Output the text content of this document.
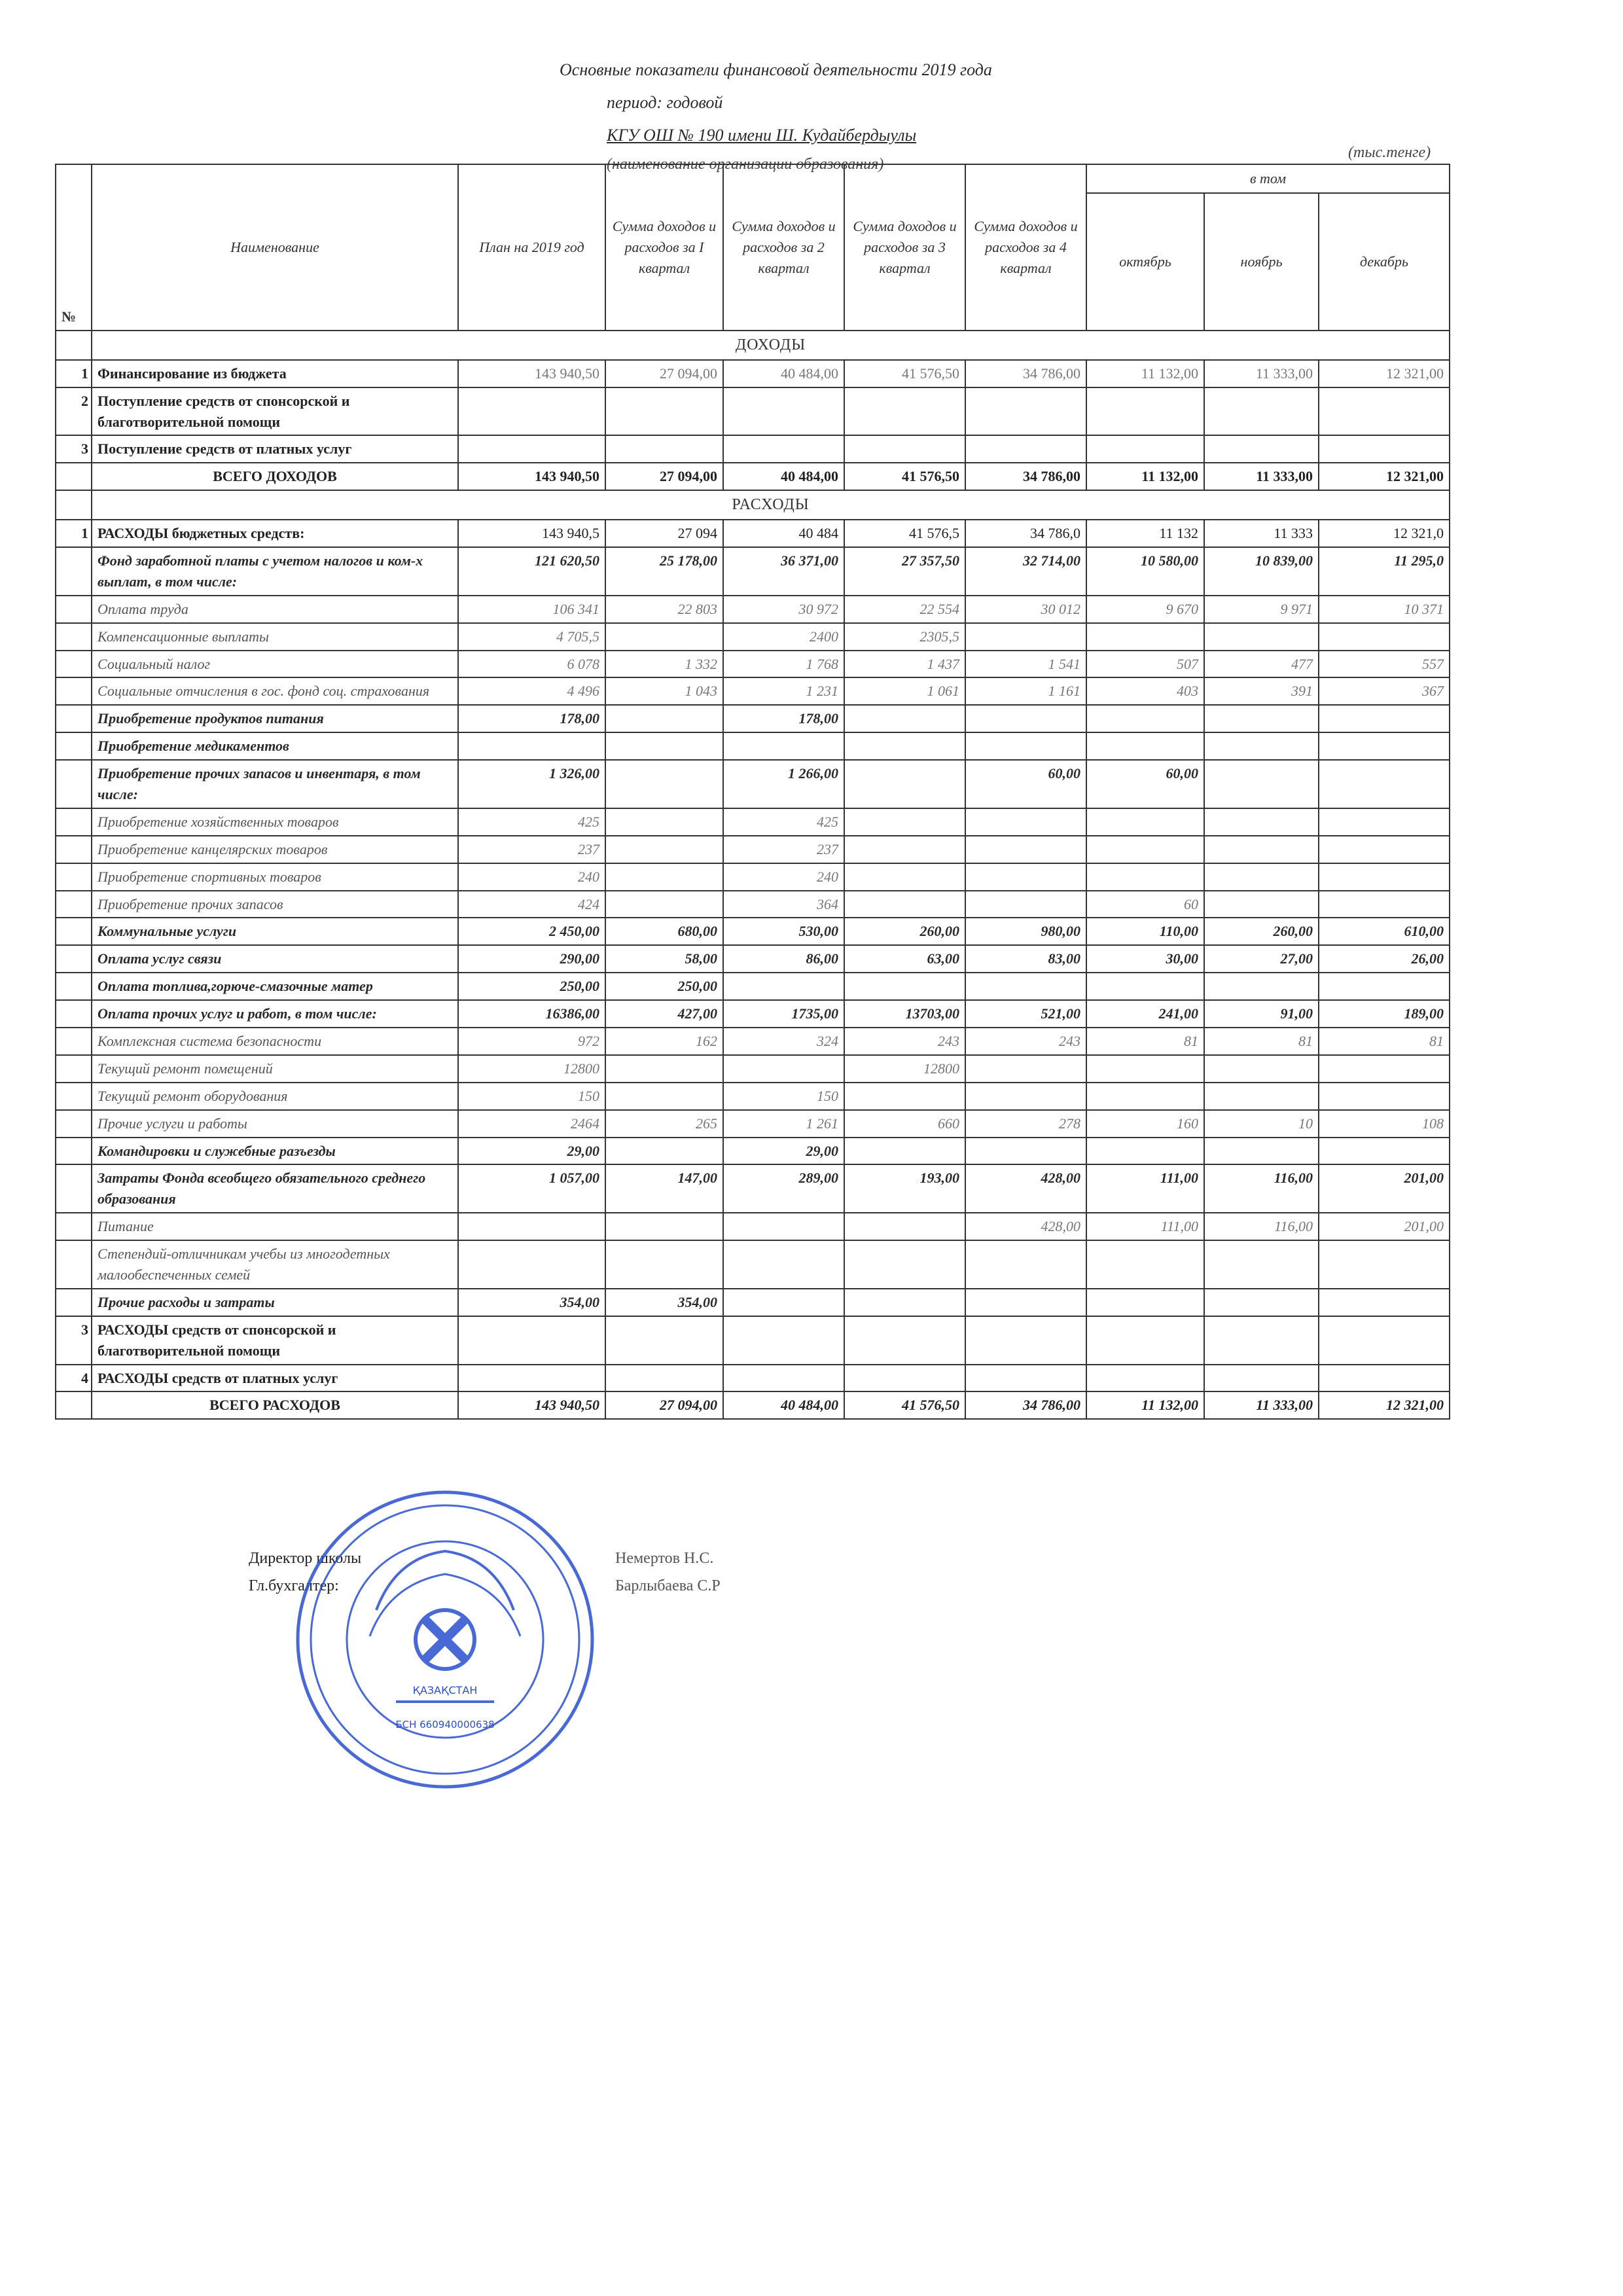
Основные показатели финансовой деятельности 2019 года
период: годовой
КГУ ОШ № 190 имени Ш. Кудайбердыулы
(наименование организации образования)
(тыс.тенге)
№	Наименование	План на 2019 год	Сумма доходов и расходов за I квартал	Сумма доходов и расходов за 2 квартал	Сумма доходов и расходов за 3 квартал	Сумма доходов и расходов за 4 квартал	в том		
							октябрь	ноябрь	декабрь
	ДОХОДЫ								
1	Финансирование из бюджета	143 940,50	27 094,00	40 484,00	41 576,50	34 786,00	11 132,00	11 333,00	12 321,00
2	Поступление средств от спонсорской и благотворительной помощи								
3	Поступление средств от платных услуг								
	ВСЕГО ДОХОДОВ	143 940,50	27 094,00	40 484,00	41 576,50	34 786,00	11 132,00	11 333,00	12 321,00
	РАСХОДЫ								
1	РАСХОДЫ бюджетных средств:	143 940,5	27 094	40 484	41 576,5	34 786,0	11 132	11 333	12 321,0
	Фонд заработной платы с учетом налогов и ком-х выплат, в том числе:	121 620,50	25 178,00	36 371,00	27 357,50	32 714,00	10 580,00	10 839,00	11 295,0
	Оплата труда	106 341	22 803	30 972	22 554	30 012	9 670	9 971	10 371
	Компенсационные выплаты	4 705,5		2400	2305,5				
	Социальный налог	6 078	1 332	1 768	1 437	1 541	507	477	557
	Социальные отчисления в гос. фонд соц. страхования	4 496	1 043	1 231	1 061	1 161	403	391	367
	Приобретение продуктов питания	178,00		178,00					
	Приобретение медикаментов								
	Приобретение прочих запасов и инвентаря, в том числе:	1 326,00		1 266,00		60,00	60,00		
	Приобретение хозяйственных товаров	425		425					
	Приобретение канцелярских товаров	237		237					
	Приобретение спортивных товаров	240		240					
	Приобретение прочих запасов	424		364			60		
	Коммунальные услуги	2 450,00	680,00	530,00	260,00	980,00	110,00	260,00	610,00
	Оплата услуг связи	290,00	58,00	86,00	63,00	83,00	30,00	27,00	26,00
	Оплата топлива,горюче-смазочные матер	250,00	250,00						
	Оплата прочих услуг и работ, в том числе:	16386,00	427,00	1735,00	13703,00	521,00	241,00	91,00	189,00
	Комплексная система безопасности	972	162	324	243	243	81	81	81
	Текущий ремонт помещений	12800			12800				
	Текущий ремонт оборудования	150		150					
	Прочие услуги и работы	2464	265	1 261	660	278	160	10	108
	Командировки и служебные разъезды	29,00		29,00					
	Затраты Фонда всеобщего обязательного среднего образования	1 057,00	147,00	289,00	193,00	428,00	111,00	116,00	201,00
	Питание					428,00	111,00	116,00	201,00
	Степендий-отличникам учебы из многодетных малообеспеченных семей								
	Прочие расходы и затраты	354,00	354,00						
3	РАСХОДЫ средств от спонсорской и благотворительной помощи								
4	РАСХОДЫ средств от платных услуг								
	ВСЕГО РАСХОДОВ	143 940,50	27 094,00	40 484,00	41 576,50	34 786,00	11 132,00	11 333,00	12 321,00
Директор школы
Гл.бухгалтер:
Немертов Н.С.
Барлыбаева С.Р
ҚАЗАҚСТАН
БСН 660940000638
